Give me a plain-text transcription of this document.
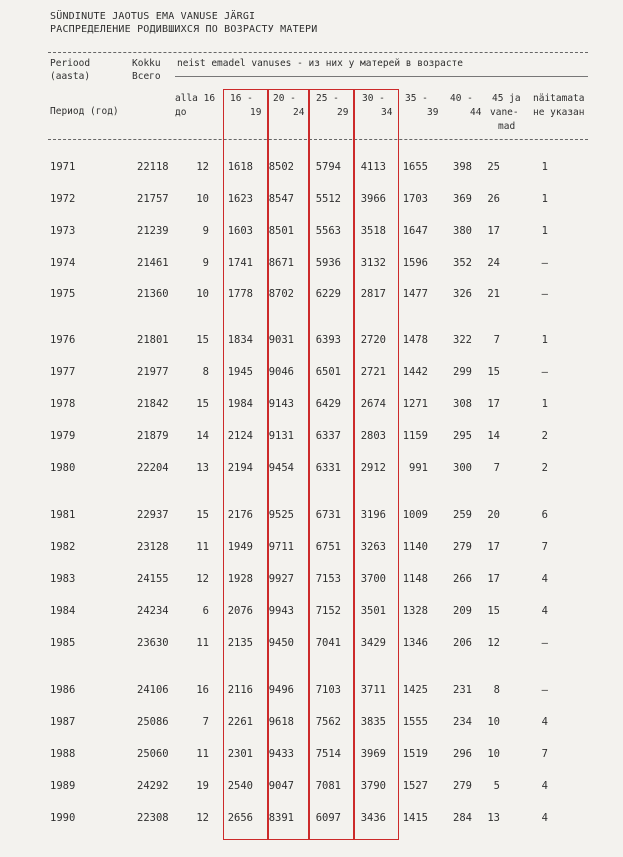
SÜNDINUTE JAOTUS EMA VANUSE JÄRGI
РАСПРЕДЕЛЕНИЕ РОДИВШИХСЯ ПО ВОЗРАСТУ МАТЕРИ
Periood
(aasta)
Период (год)
Kokku
Всего
neist emadel vanuses - из них у матерей в возрасте
alla 16
до
16 -
19
20 -
24
25 -
29
30 -
34
35 -
39
40 -
44
45 ja
vane-
mad
näitamata
не указан
1971	22118	12 1618 8502 5794 4113 1655 398 25	1
1972	21757	10 1623 8547 5512 3966 1703 369 26	1
1973	21239	9 1603 8501 5563 3518 1647 380 17	1
1974	21461	9 1741 8671 5936 3132 1596 352 24	–
1975	21360	10 1778 8702 6229 2817 1477 326 21	–
1976	21801	15 1834 9031 6393 2720 1478 322 7	1
1977	21977	8 1945 9046 6501 2721 1442 299 15	–
1978	21842	15 1984 9143 6429 2674 1271 308 17	1
1979	21879	14 2124 9131 6337 2803 1159 295 14	2
1980	22204	13 2194 9454 6331 2912 991 300 7	2
1981	22937	15 2176 9525 6731 3196 1009 259 20	6
1982	23128	11 1949 9711 6751 3263 1140 279 17	7
1983	24155	12 1928 9927 7153 3700 1148 266 17	4
1984	24234	6 2076 9943 7152 3501 1328 209 15	4
1985	23630	11 2135 9450 7041 3429 1346 206 12	–
1986	24106	16 2116 9496 7103 3711 1425 231 8	–
1987	25086	7 2261 9618 7562 3835 1555 234 10	4
1988	25060	11 2301 9433 7514 3969 1519 296 10	7
1989	24292	19 2540 9047 7081 3790 1527 279 5	4
1990	22308	12 2656 8391 6097 3436 1415 284 13	4
